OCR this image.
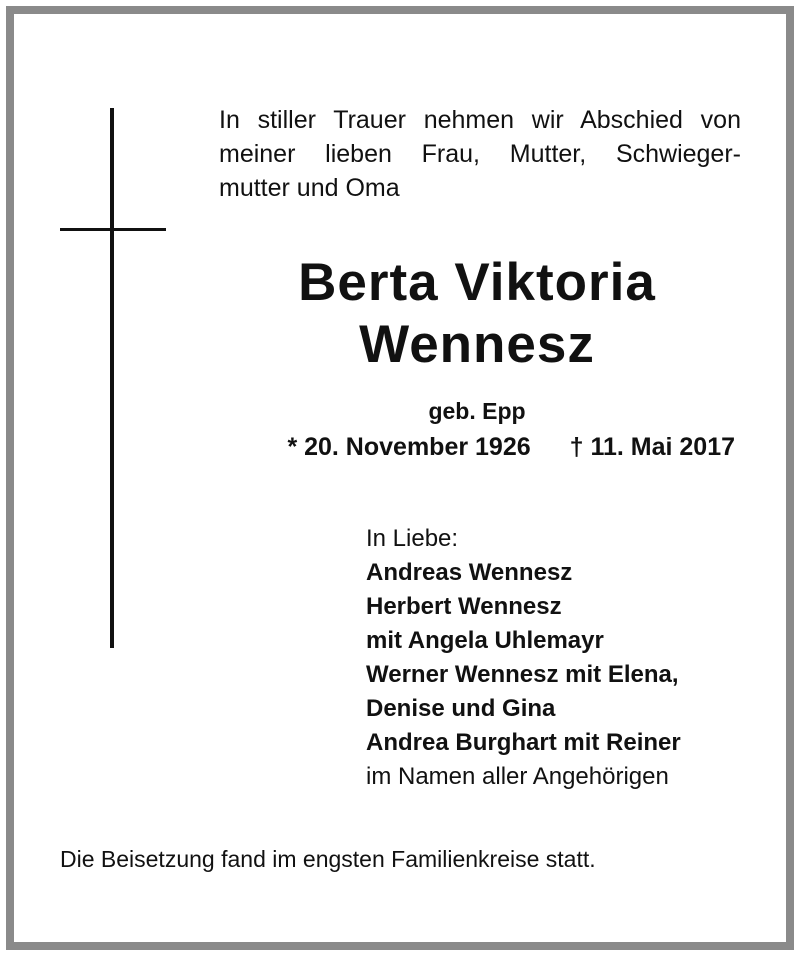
In stiller Trauer nehmen wir Abschied von
meiner lieben Frau, Mutter, Schwieger-
mutter und Oma
Berta Viktoria
Wennesz
geb. Epp
* 20. November 1926 † 11. Mai 2017
In Liebe:
Andreas Wennesz
Herbert Wennesz
mit Angela Uhlemayr
Werner Wennesz mit Elena,
Denise und Gina
Andrea Burghart mit Reiner
im Namen aller Angehörigen
Die Beisetzung fand im engsten Familienkreise statt.
